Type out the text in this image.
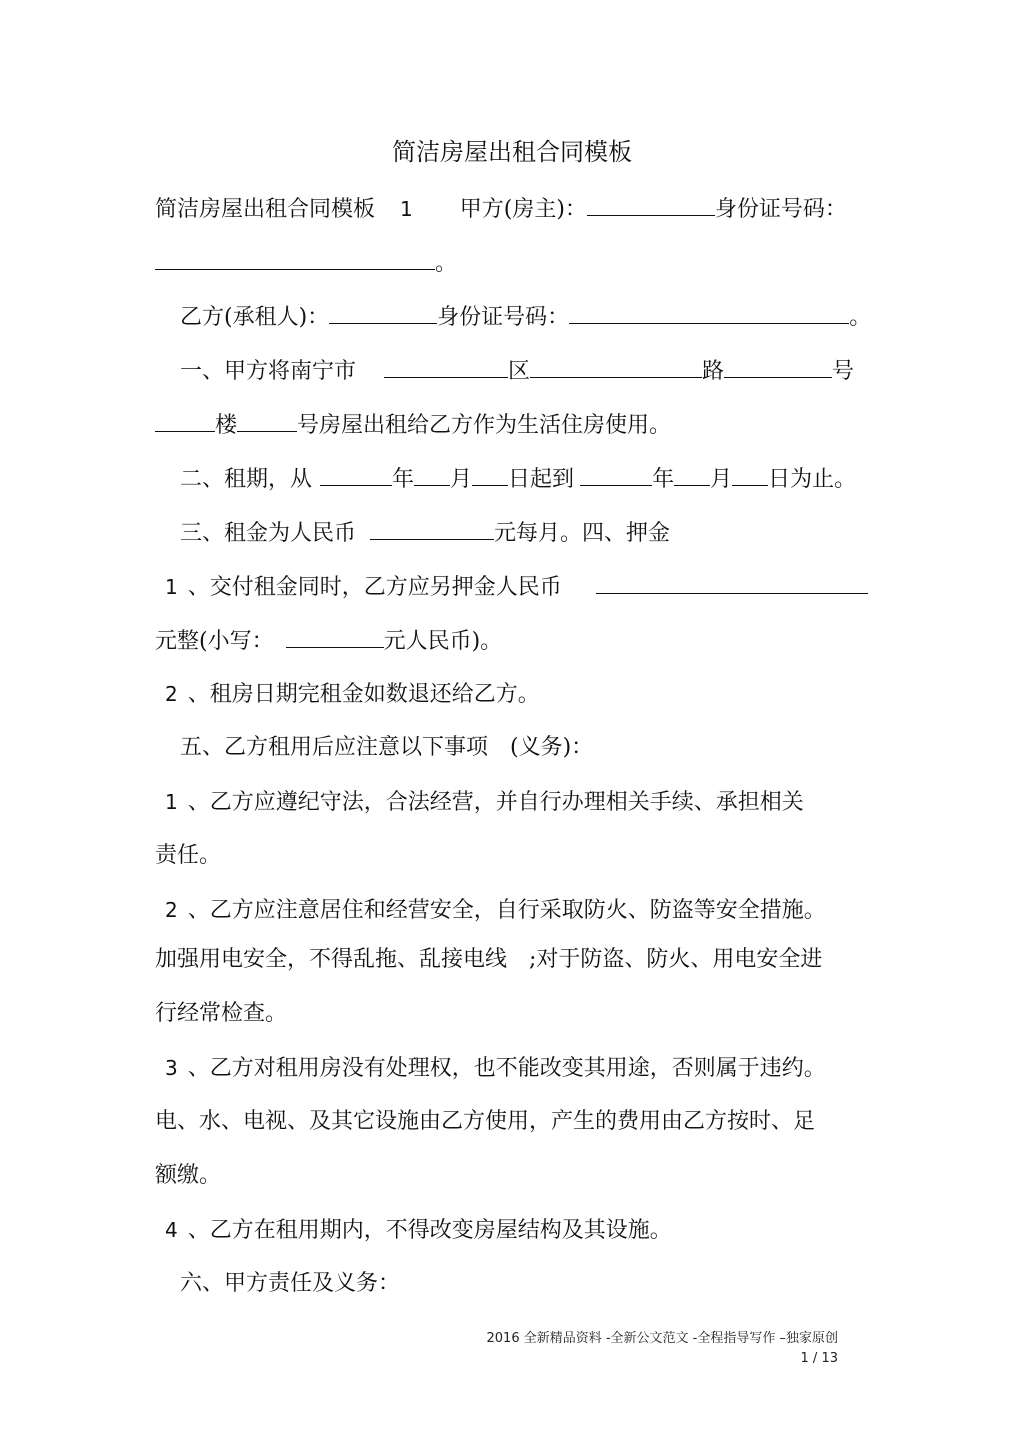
简洁房屋出租合同模板
简洁房屋出租合同模板 1 甲方(房主)：	身份证号码：
。
乙方(承租人)：	身份证号码：	。
一、甲方将南宁市	区	路	号
楼	号房屋出租给乙方作为生活住房使用。
二、租期，从	年 月 日起到	年 月 日为止。
三、租金为人民币	元每月。四、押金
1 、交付租金同时，乙方应另押金人民币
元整(小写：	元人民币)。
2 、租房日期完租金如数退还给乙方。
五、乙方租用后应注意以下事项 (义务)：
1 、乙方应遵纪守法，合法经营，并自行办理相关手续、承担相关
责任。
2 、乙方应注意居住和经营安全，自行采取防火、防盗等安全措施。
加强用电安全，不得乱拖、乱接电线 ;对于防盗、防火、用电安全进
行经常检查。
3 、乙方对租用房没有处理权，也不能改变其用途，否则属于违约。
电、水、电视、及其它设施由乙方使用，产生的费用由乙方按时、足
额缴。
4 、乙方在租用期内，不得改变房屋结构及其设施。
六、甲方责任及义务：
2016 全新精品资料 -全新公文范文 -全程指导写作 –独家原创
1 / 13
